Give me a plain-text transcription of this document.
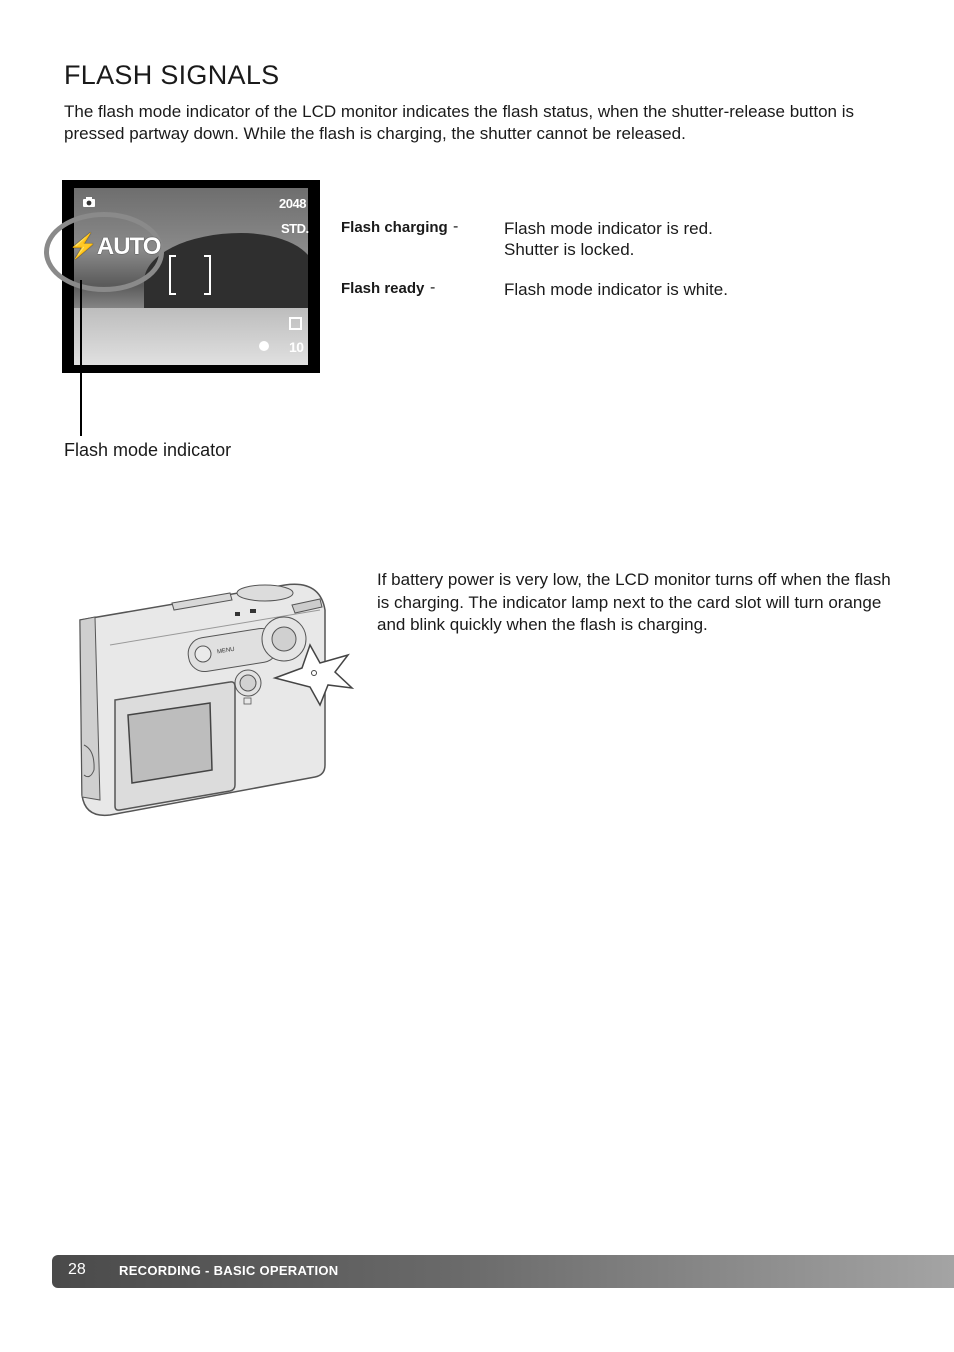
FLASH SIGNALS
The flash mode indicator of the LCD monitor indicates the flash status, when the shutter-release button is pressed partway down. While the flash is charging, the shutter cannot be released.
2048
STD.
10
⚡AUTO
Flash mode indicator
Flash charging -	Flash mode indicator is red.
Shutter is locked.
Flash ready -	Flash mode indicator is white.
MENU
If battery power is very low, the LCD monitor turns off when the flash is charging. The indicator lamp next to the card slot will turn orange and blink quickly when the flash is charging.
28	RECORDING - BASIC OPERATION
